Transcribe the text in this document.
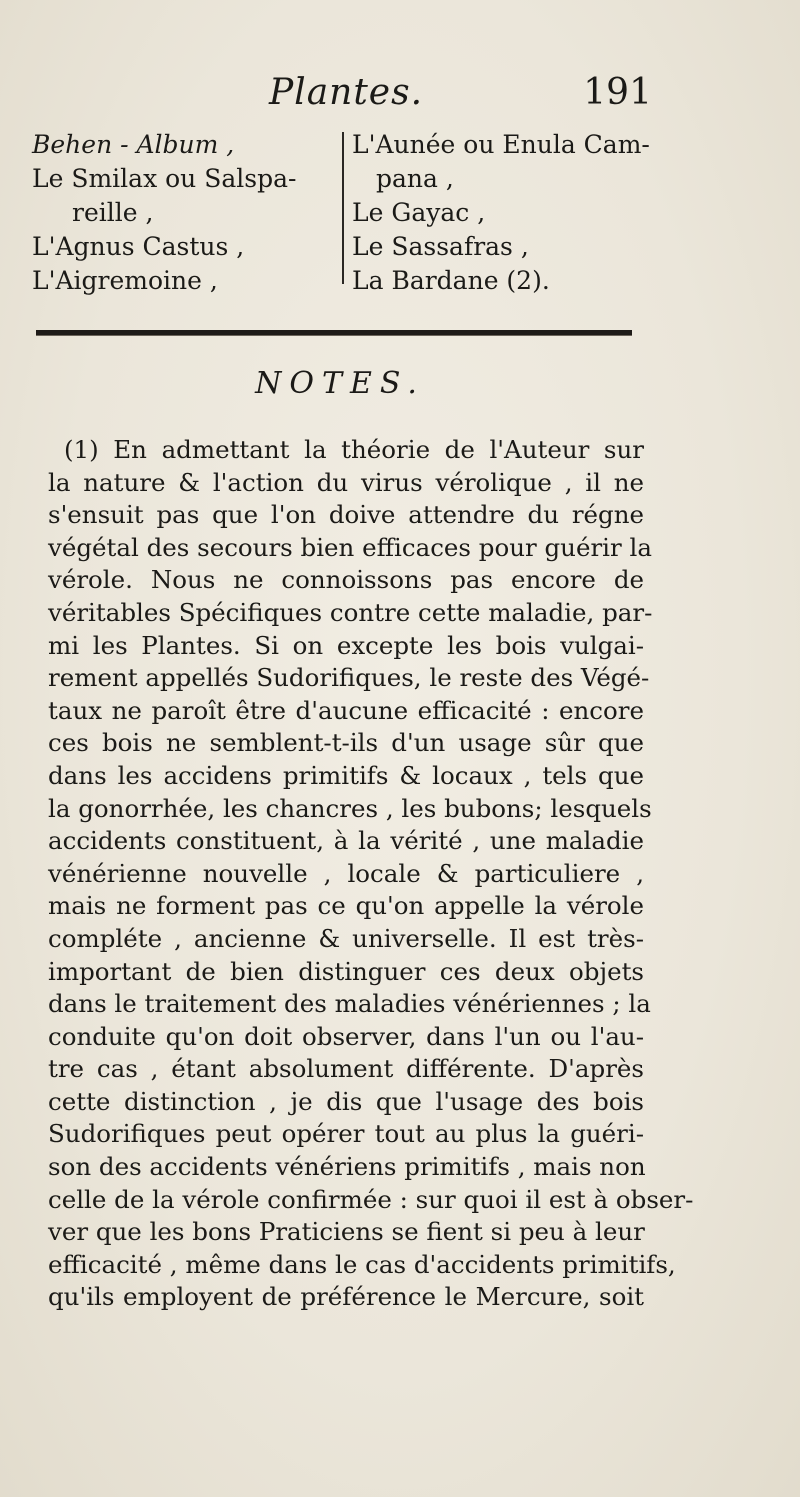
Plantes.	191
Behen - Album ,
Le Smilax ou Salspa-
reille ,
L'Agnus Castus ,
L'Aigremoine ,
L'Aunée ou Enula Cam-
pana ,
Le Gayac ,
Le Sassafras ,
La Bardane (2).
NOTES.
(1) En admettant la théorie de l'Auteur sur
la nature & l'action du virus vérolique , il ne
s'ensuit pas que l'on doive attendre du régne
végétal des secours bien efficaces pour guérir la
vérole. Nous ne connoissons pas encore de
véritables Spécifiques contre cette maladie, par-
mi les Plantes. Si on excepte les bois vulgai-
rement appellés Sudorifiques, le reste des Végé-
taux ne paroît être d'aucune efficacité : encore
ces bois ne semblent-t-ils d'un usage sûr que
dans les accidens primitifs & locaux , tels que
la gonorrhée, les chancres , les bubons; lesquels
accidents constituent, à la vérité , une maladie
vénérienne nouvelle , locale & particuliere ,
mais ne forment pas ce qu'on appelle la vérole
compléte , ancienne & universelle. Il est très-
important de bien distinguer ces deux objets
dans le traitement des maladies vénériennes ; la
conduite qu'on doit observer, dans l'un ou l'au-
tre cas , étant absolument différente. D'après
cette distinction , je dis que l'usage des bois
Sudorifiques peut opérer tout au plus la guéri-
son des accidents vénériens primitifs , mais non
celle de la vérole confirmée : sur quoi il est à obser-
ver que les bons Praticiens se fient si peu à leur
efficacité , même dans le cas d'accidents primitifs,
qu'ils employent de préférence le Mercure, soit
